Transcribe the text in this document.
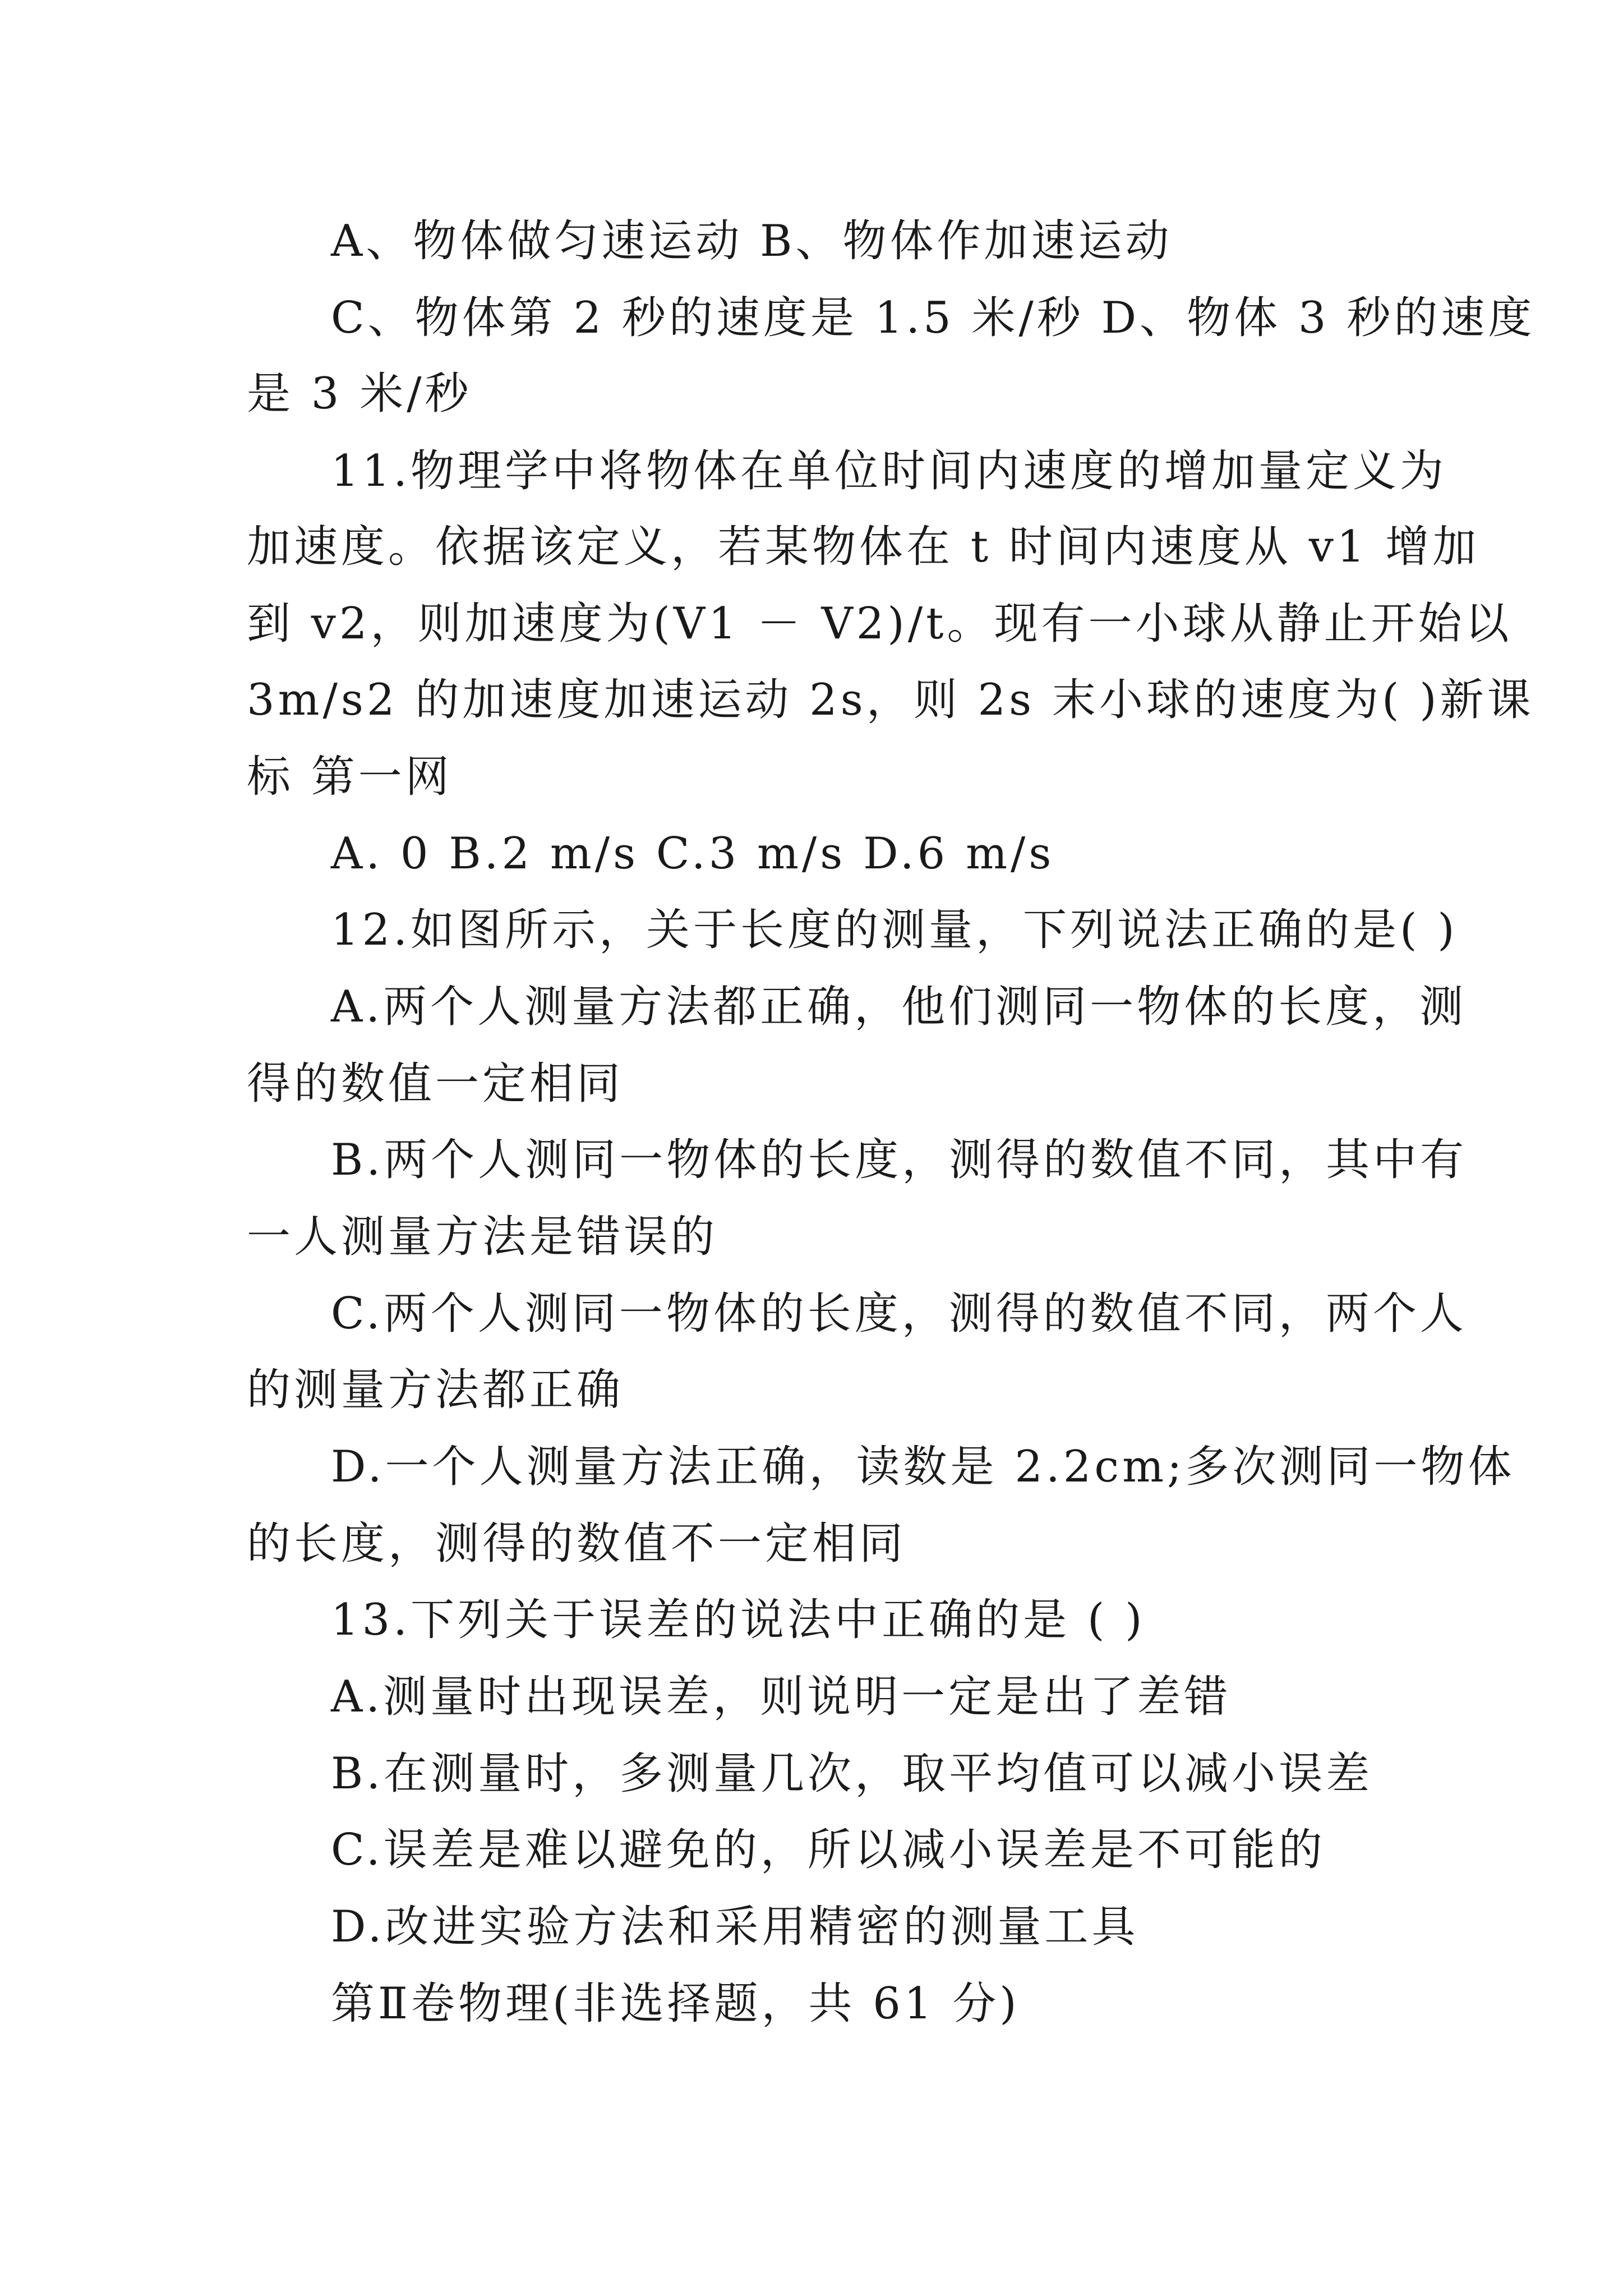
A、物体做匀速运动 B、物体作加速运动
C、物体第 2 秒的速度是 1.5 米/秒 D、物体 3 秒的速度
是 3 米/秒
11.物理学中将物体在单位时间内速度的增加量定义为
加速度。依据该定义，若某物体在 t 时间内速度从 v1 增加
到 v2，则加速度为(V1 － V2)/t。现有一小球从静止开始以
3m/s2 的加速度加速运动 2s，则 2s 末小球的速度为( )新课
标 第一网
A. 0 B.2 m/s C.3 m/s D.6 m/s
12.如图所示，关于长度的测量，下列说法正确的是( )
A.两个人测量方法都正确，他们测同一物体的长度，测
得的数值一定相同
B.两个人测同一物体的长度，测得的数值不同，其中有
一人测量方法是错误的
C.两个人测同一物体的长度，测得的数值不同，两个人
的测量方法都正确
D.一个人测量方法正确，读数是 2.2cm;多次测同一物体
的长度，测得的数值不一定相同
13.下列关于误差的说法中正确的是 ( )
A.测量时出现误差，则说明一定是出了差错
B.在测量时，多测量几次，取平均值可以减小误差
C.误差是难以避免的，所以减小误差是不可能的
D.改进实验方法和采用精密的测量工具
第Ⅱ卷物理(非选择题，共 61 分)
